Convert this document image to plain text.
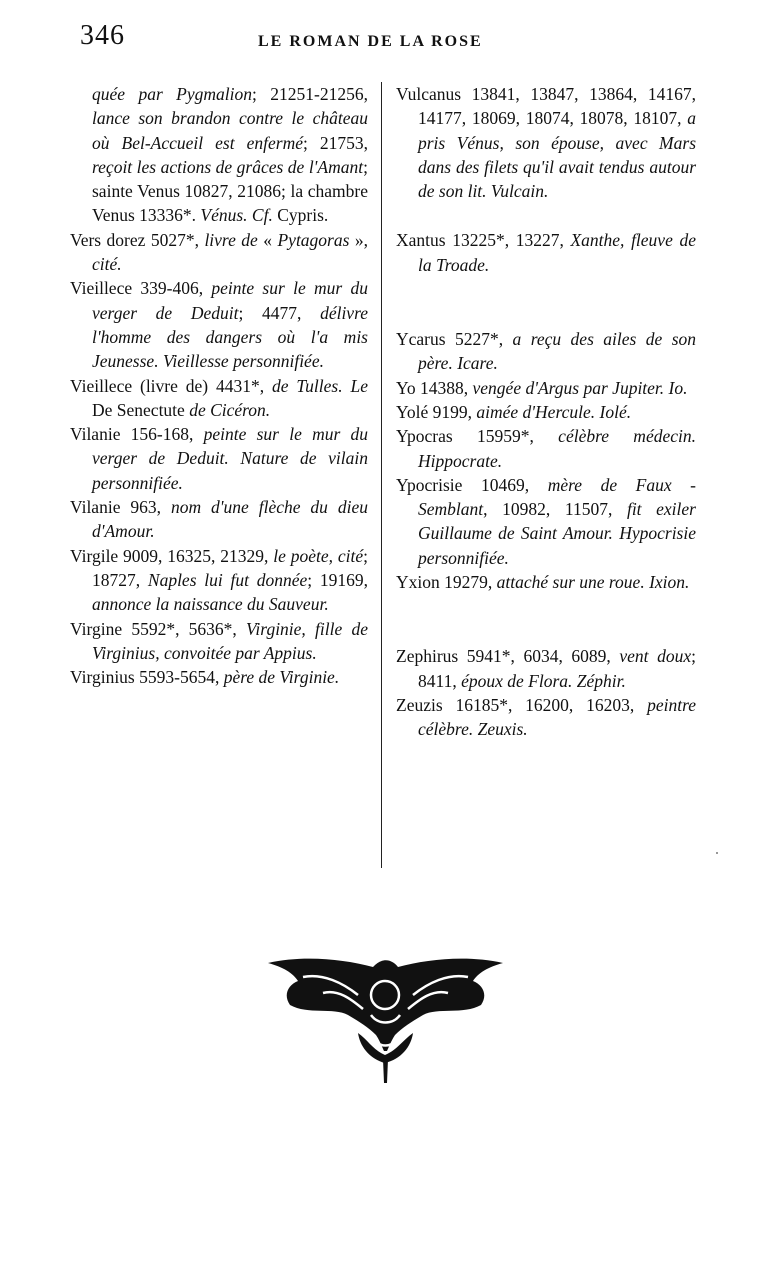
346	LE ROMAN DE LA ROSE

quée par Pygmalion; 21251-21256, lance son brandon contre le château où Bel-Accueil est enfermé; 21753, reçoit les actions de grâces de l'Amant; sainte Venus 10827, 21086; la chambre Venus 13336*. Vénus. Cf. Cypris.

Vers dorez 5027*, livre de « Pytagoras », cité.

Vieillece 339-406, peinte sur le mur du verger de Deduit; 4477, délivre l'homme des dangers où l'a mis Jeunesse. Vieillesse personnifiée.

Vieillece (livre de) 4431*, de Tulles. Le De Senectute de Cicéron.

Vilanie 156-168, peinte sur le mur du verger de Deduit. Nature de vilain personnifiée.

Vilanie 963, nom d'une flèche du dieu d'Amour.

Virgile 9009, 16325, 21329, le poète, cité; 18727, Naples lui fut donnée; 19169, annonce la naissance du Sauveur.

Virgine 5592*, 5636*, Virginie, fille de Virginius, convoitée par Appius.

Virginius 5593-5654, père de Virginie.

Vulcanus 13841, 13847, 13864, 14167, 14177, 18069, 18074, 18078, 18107, a pris Vénus, son épouse, avec Mars dans des filets qu'il avait tendus autour de son lit. Vulcain.

Xantus 13225*, 13227, Xanthe, fleuve de la Troade.

Ycarus 5227*, a reçu des ailes de son père. Icare.

Yo 14388, vengée d'Argus par Jupiter. Io.

Yolé 9199, aimée d'Hercule. Iolé.

Ypocras 15959*, célèbre médecin. Hippocrate.

Ypocrisie 10469, mère de Faux - Semblant, 10982, 11507, fit exiler Guillaume de Saint Amour. Hypocrisie personnifiée.

Yxion 19279, attaché sur une roue. Ixion.

Zephirus 5941*, 6034, 6089, vent doux; 8411, époux de Flora. Zéphir.

Zeuzis 16185*, 16200, 16203, peintre célèbre. Zeuxis.
